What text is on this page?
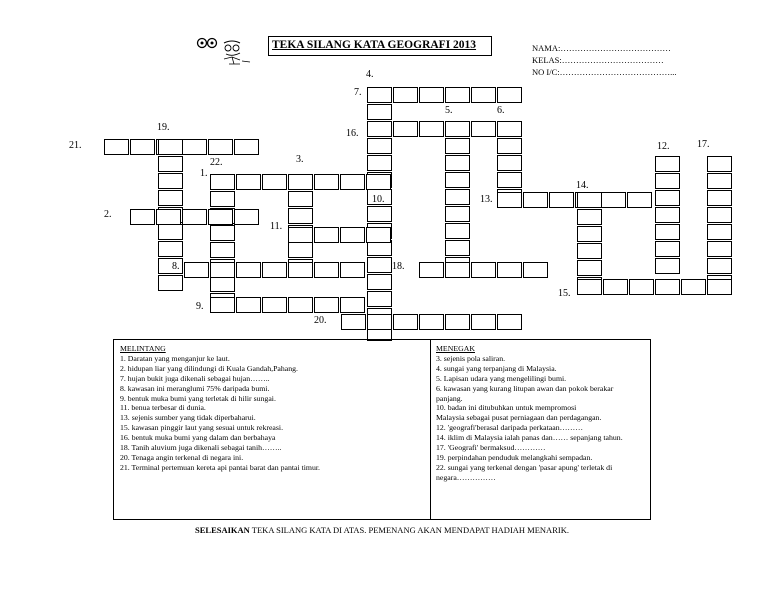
TEKA SILANG KATA GEOGRAFI 2013	NAMA:…………………………………
KELAS:………………………………
NO I/C:…………………………………...
4.
7.
5.	6.
16.
19.
21.
22.	3.
1.
12.	17.
14.
10.	13.
2.
11.
8.	18.
15.
9.
20.
MELINTANG
1. Daratan yang menganjur ke laut.
2. hidupan liar yang dilindungi di Kuala Gandah,Pahang.
7. hujan bukit juga dikenali sebagai hujan……..
8. kawasan ini meranglumi 75% daripada bumi.
9. bentuk muka bumi yang terletak di hilir sungai.
11. benua terbesar di dunia.
13. sejenis sumber yang tidak diperbaharui.
15. kawasan pinggir laut yang sesuai untuk rekreasi.
16. bentuk muka bumi yang dalam dan berbahaya
18. Tanih aluvium juga dikenali sebagai tanih……..
20. Tenaga angin terkenal di negara ini.
21. Terminal pertemuan kereta api pantai barat dan pantai timur.
MENEGAK
3. sejenis pola saliran.
4. sungai yang terpanjang di Malaysia.
5. Lapisan udara yang mengelilingi bumi.
6. kawasan yang kurang litupan awan dan pokok berakar
panjang.
10. badan ini ditubuhkan untuk mempromosi
Malaysia sebagai pusat perniagaan dan perdagangan.
12. 'geografi'berasal daripada perkataan………
14. iklim di Malaysia ialah panas dan…… sepanjang tahun.
17. 'Geografi' bermaksud…………
19. perpindahan penduduk melangkahi sempadan.
22. sungai yang terkenal dengan 'pasar apung' terletak di
negara……………
SELESAIKAN TEKA SILANG KATA DI ATAS. PEMENANG AKAN MENDAPAT HADIAH MENARIK.
